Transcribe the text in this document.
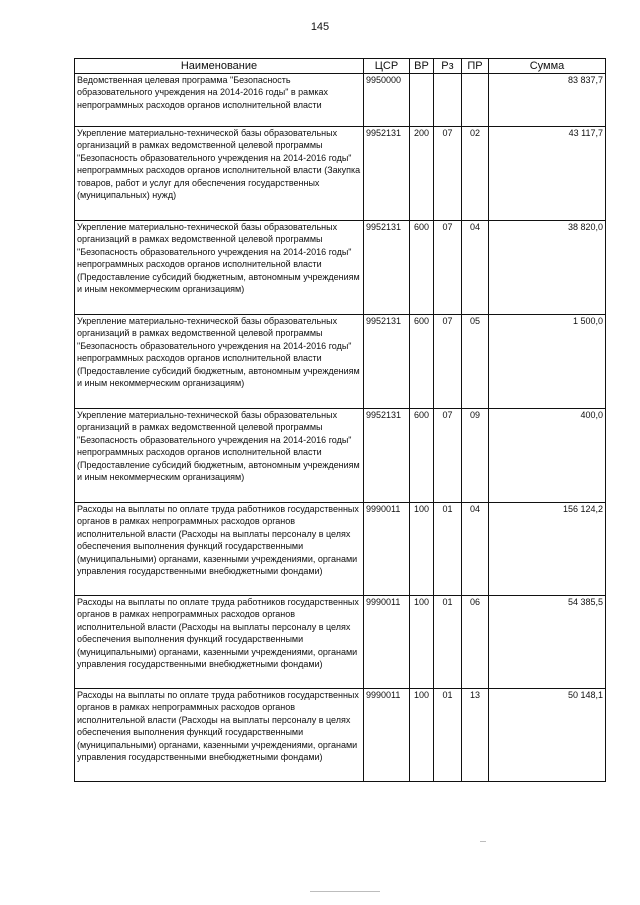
145
Наименование	ЦСР	ВР	Рз	ПР	Сумма
Ведомственная целевая программа "Безопасность образовательного учреждения на 2014-2016 годы" в рамках непрограммных расходов органов исполнительной власти	9950000				83 837,7
Укрепление материально-технической базы образовательных организаций в рамках ведомственной целевой программы "Безопасность образовательного учреждения на 2014-2016 годы" непрограммных расходов органов исполнительной власти (Закупка товаров, работ и услуг для обеспечения государственных (муниципальных) нужд)	9952131	200	07	02	43 117,7
Укрепление материально-технической базы образовательных организаций в рамках ведомственной целевой программы "Безопасность образовательного учреждения на 2014-2016 годы" непрограммных расходов органов исполнительной власти (Предоставление субсидий бюджетным, автономным учреждениям и иным некоммерческим организациям)	9952131	600	07	04	38 820,0
Укрепление материально-технической базы образовательных организаций в рамках ведомственной целевой программы "Безопасность образовательного учреждения на 2014-2016 годы" непрограммных расходов органов исполнительной власти (Предоставление субсидий бюджетным, автономным учреждениям и иным некоммерческим организациям)	9952131	600	07	05	1 500,0
Укрепление материально-технической базы образовательных организаций в рамках ведомственной целевой программы "Безопасность образовательного учреждения на 2014-2016 годы" непрограммных расходов органов исполнительной власти (Предоставление субсидий бюджетным, автономным учреждениям и иным некоммерческим организациям)	9952131	600	07	09	400,0
Расходы на выплаты по оплате труда работников государственных органов в рамках непрограммных расходов органов исполнительной власти (Расходы на выплаты персоналу в целях обеспечения выполнения функций государственными (муниципальными) органами, казенными учреждениями, органами управления государственными внебюджетными фондами)	9990011	100	01	04	156 124,2
Расходы на выплаты по оплате труда работников государственных органов в рамках непрограммных расходов органов исполнительной власти (Расходы на выплаты персоналу в целях обеспечения выполнения функций государственными (муниципальными) органами, казенными учреждениями, органами управления государственными внебюджетными фондами)	9990011	100	01	06	54 385,5
Расходы на выплаты по оплате труда работников государственных органов в рамках непрограммных расходов органов исполнительной власти (Расходы на выплаты персоналу в целях обеспечения выполнения функций государственными (муниципальными) органами, казенными учреждениями, органами управления государственными внебюджетными фондами)	9990011	100	01	13	50 148,1
